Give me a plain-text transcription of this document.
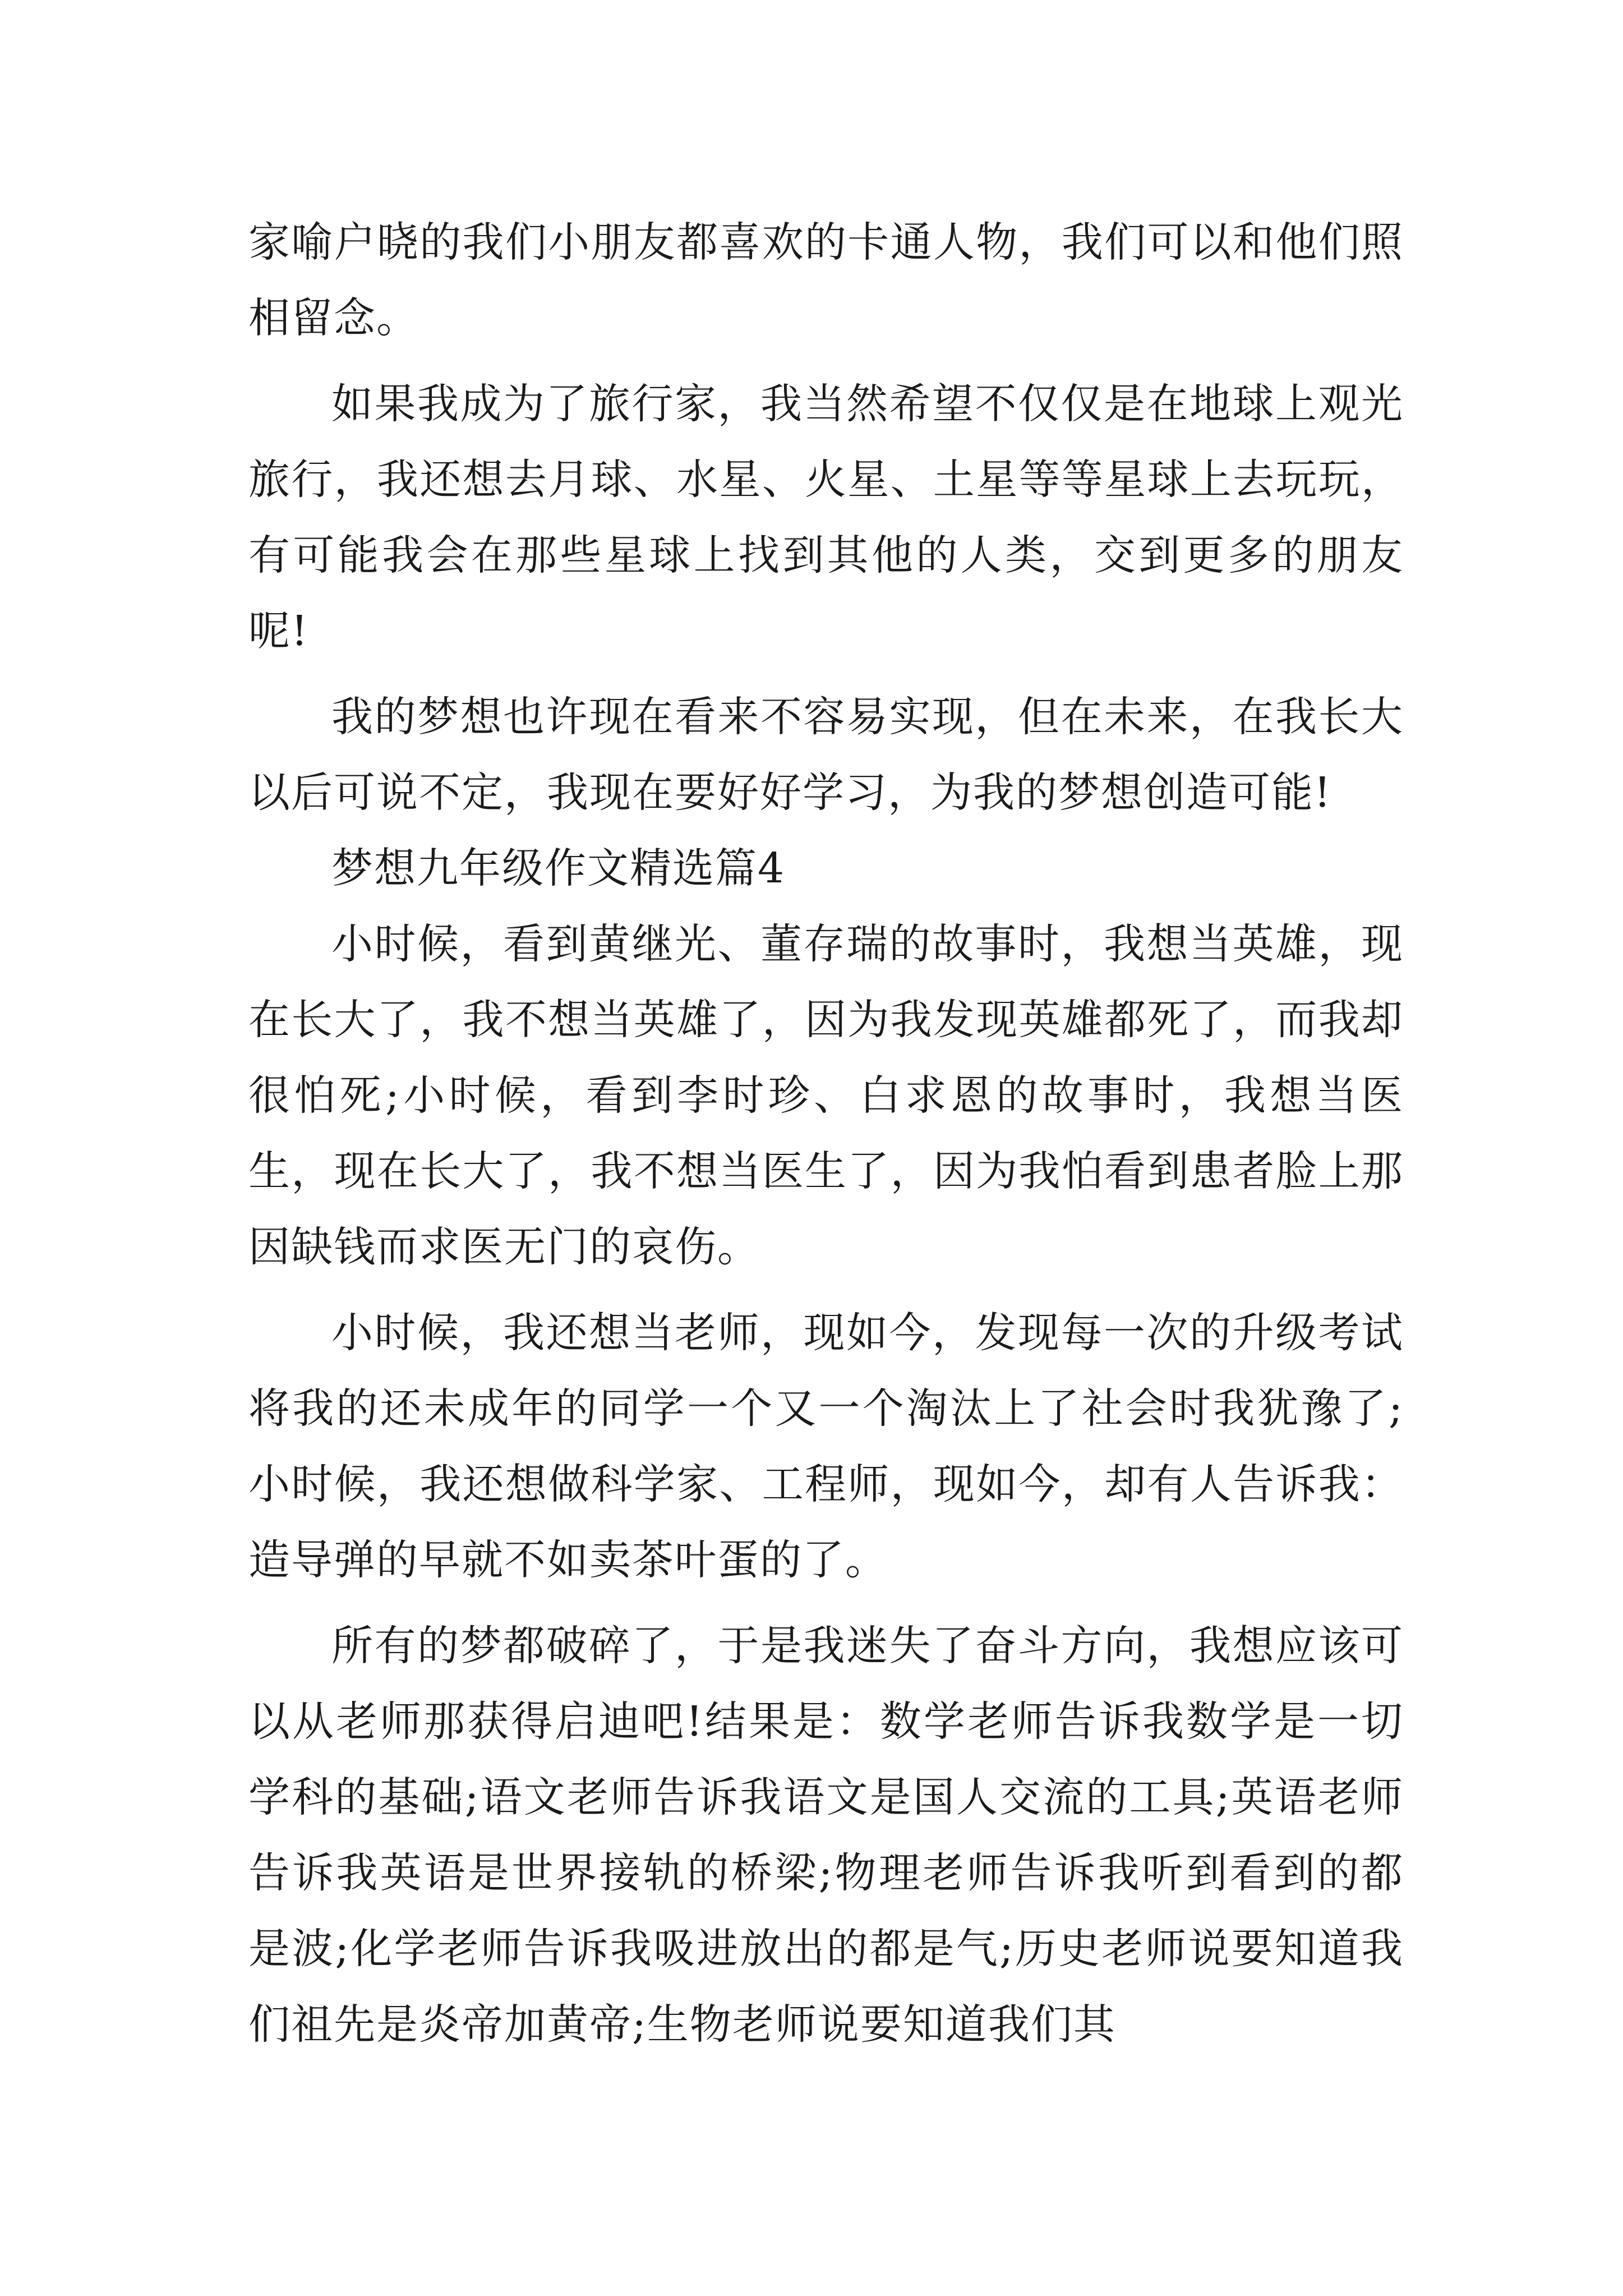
家喻户晓的我们小朋友都喜欢的卡通人物，我们可以和他们照相留念。

如果我成为了旅行家，我当然希望不仅仅是在地球上观光旅行，我还想去月球、水星、火星、土星等等星球上去玩玩，有可能我会在那些星球上找到其他的人类，交到更多的朋友呢!

我的梦想也许现在看来不容易实现，但在未来，在我长大以后可说不定，我现在要好好学习，为我的梦想创造可能!

梦想九年级作文精选篇4

小时候，看到黄继光、董存瑞的故事时，我想当英雄，现在长大了，我不想当英雄了，因为我发现英雄都死了，而我却很怕死;小时候，看到李时珍、白求恩的故事时，我想当医生，现在长大了，我不想当医生了，因为我怕看到患者脸上那因缺钱而求医无门的哀伤。

小时候，我还想当老师，现如今，发现每一次的升级考试将我的还未成年的同学一个又一个淘汰上了社会时我犹豫了;小时候，我还想做科学家、工程师，现如今，却有人告诉我：造导弹的早就不如卖茶叶蛋的了。

所有的梦都破碎了，于是我迷失了奋斗方向，我想应该可以从老师那获得启迪吧!结果是：数学老师告诉我数学是一切学科的基础;语文老师告诉我语文是国人交流的工具;英语老师告诉我英语是世界接轨的桥梁;物理老师告诉我听到看到的都是波;化学老师告诉我吸进放出的都是气;历史老师说要知道我们祖先是炎帝加黄帝;生物老师说要知道我们其
